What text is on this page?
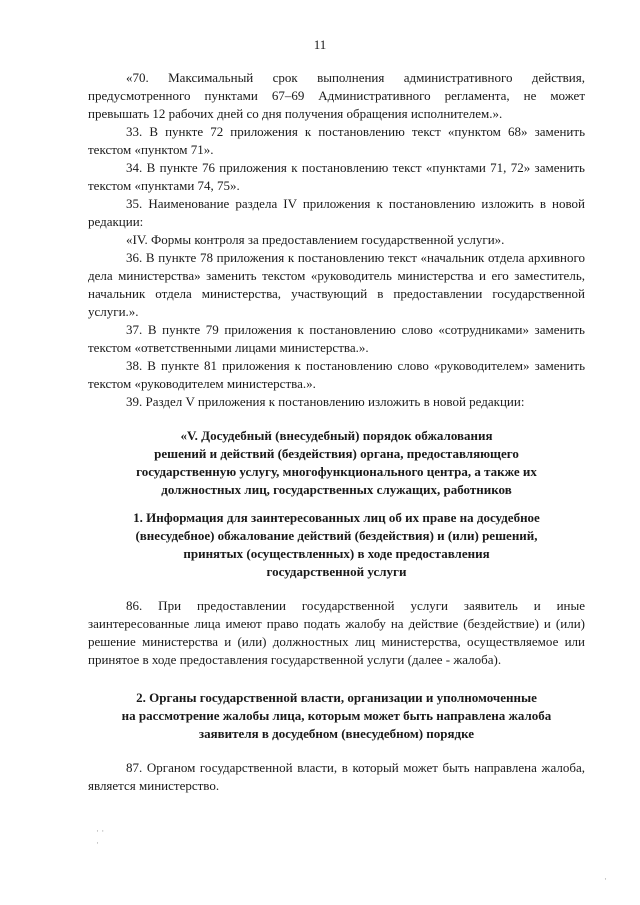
11

«70. Максимальный срок выполнения административного действия, предусмотренного пунктами 67–69 Административного регламента, не может превышать 12 рабочих дней со дня получения обращения исполнителем.».

33. В пункте 72 приложения к постановлению текст «пунктом 68» заменить текстом «пунктом 71».

34. В пункте 76 приложения к постановлению текст «пунктами 71, 72» заменить текстом «пунктами 74, 75».

35. Наименование раздела IV приложения к постановлению изложить в новой редакции:

«IV. Формы контроля за предоставлением государственной услуги».

36. В пункте 78 приложения к постановлению текст «начальник отдела архивного дела министерства» заменить текстом «руководитель министерства и его заместитель, начальник отдела министерства, участвующий в предоставлении государственной услуги.».

37. В пункте 79 приложения к постановлению слово «сотрудниками» заменить текстом «ответственными лицами министерства.».

38. В пункте 81 приложения к постановлению слово «руководителем» заменить текстом «руководителем министерства.».

39. Раздел V приложения к постановлению изложить в новой редакции:

«V. Досудебный (внесудебный) порядок обжалования

решений и действий (бездействия) органа, предоставляющего

государственную услугу, многофункционального центра, а также их

должностных лиц, государственных служащих, работников

1. Информация для заинтересованных лиц об их праве на досудебное

(внесудебное) обжалование действий (бездействия) и (или) решений,

принятых (осуществленных) в ходе предоставления

государственной услуги

86. При предоставлении государственной услуги заявитель и иные заинтересованные лица имеют право подать жалобу на действие (бездействие) и (или) решение министерства и (или) должностных лиц министерства, осуществляемое или принятое в ходе предоставления государственной услуги (далее - жалоба).

2. Органы государственной власти, организации и уполномоченные

на рассмотрение жалобы лица, которым может быть направлена жалоба

заявителя в досудебном (внесудебном) порядке

87. Органом государственной власти, в который может быть направлена жалоба, является министерство.

· ·
·
·
